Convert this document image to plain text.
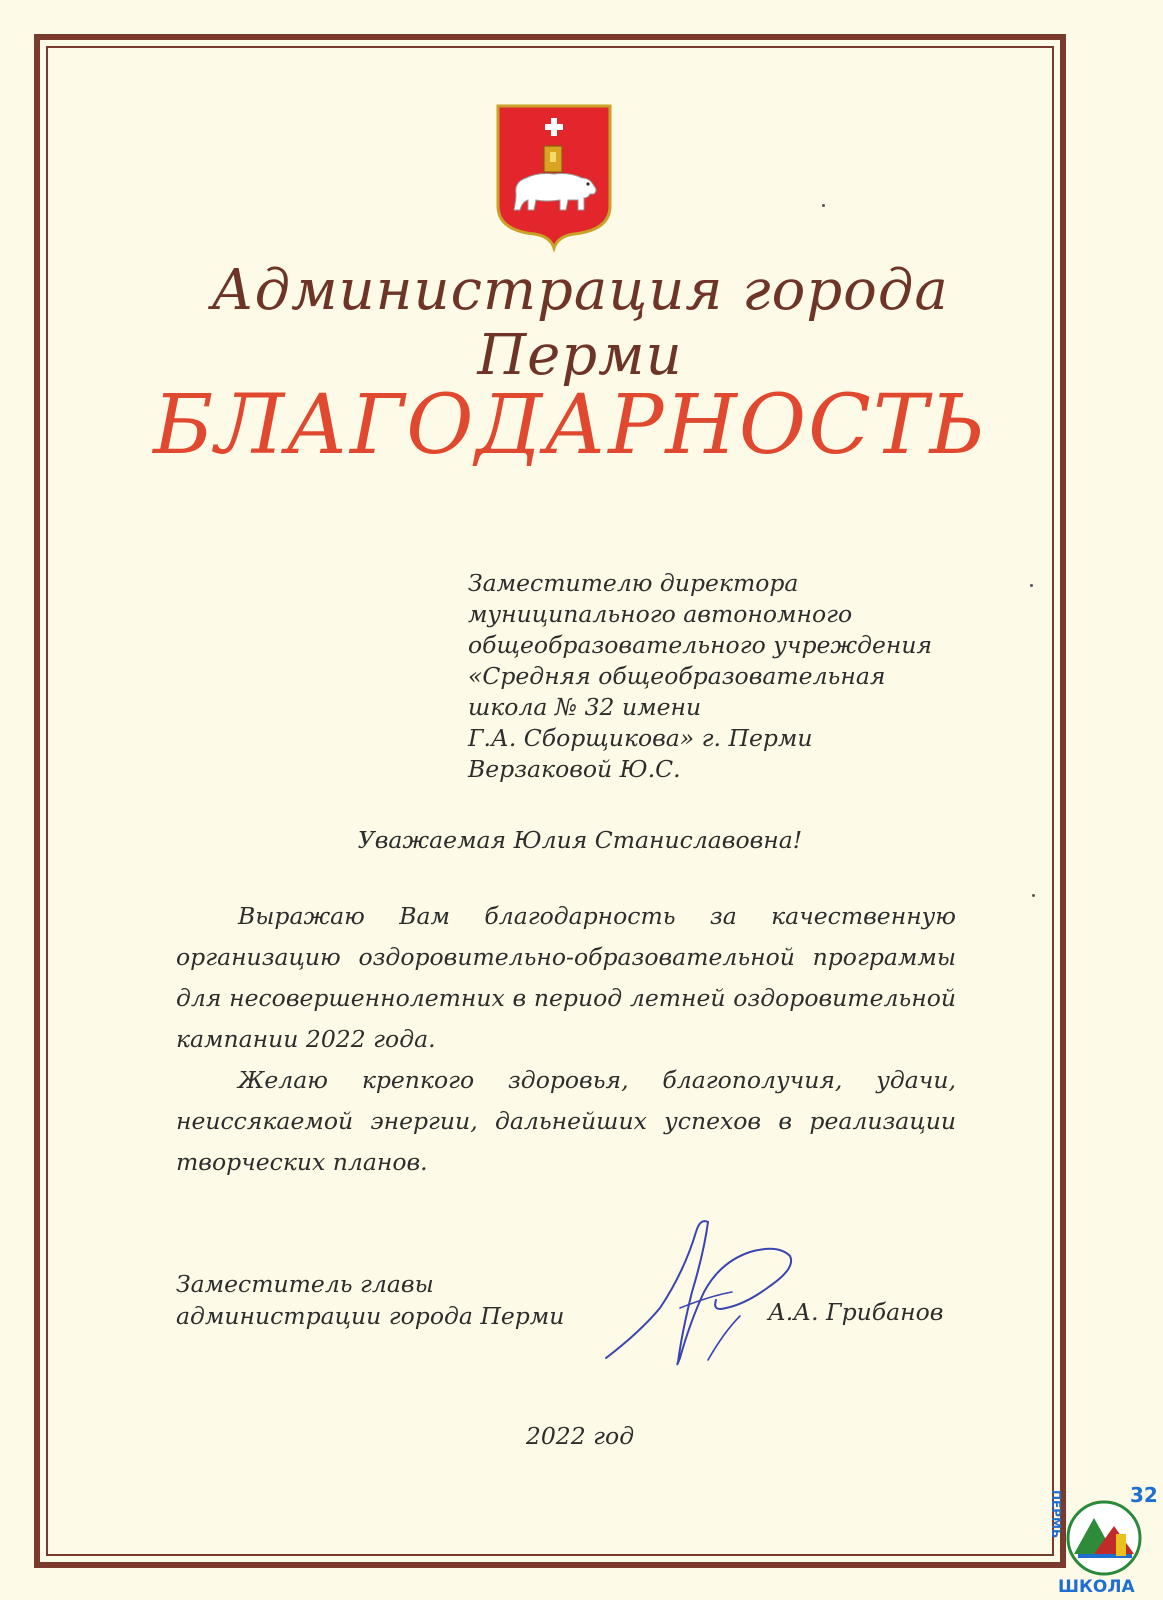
Администрация города Перми
БЛАГОДАРНОСТЬ
Заместителю директора
муниципального автономного
общеобразовательного учреждения
«Средняя общеобразовательная
школа № 32 имени
Г.А. Сборщикова» г. Перми
Верзаковой Ю.С.
Уважаемая Юлия Станиславовна!

Выражаю Вам благодарность за качественную организацию оздоровительно-образовательной программы для несовершеннолетних в период летней оздоровительной кампании 2022 года.

Желаю крепкого здоровья, благополучия, удачи, неиссякаемой энергии, дальнейших успехов в реализации творческих планов.

Заместитель главы
администрации города Перми	А.А. Грибанов
2022 год
32
ПЕРМЬ
ШКОЛА
